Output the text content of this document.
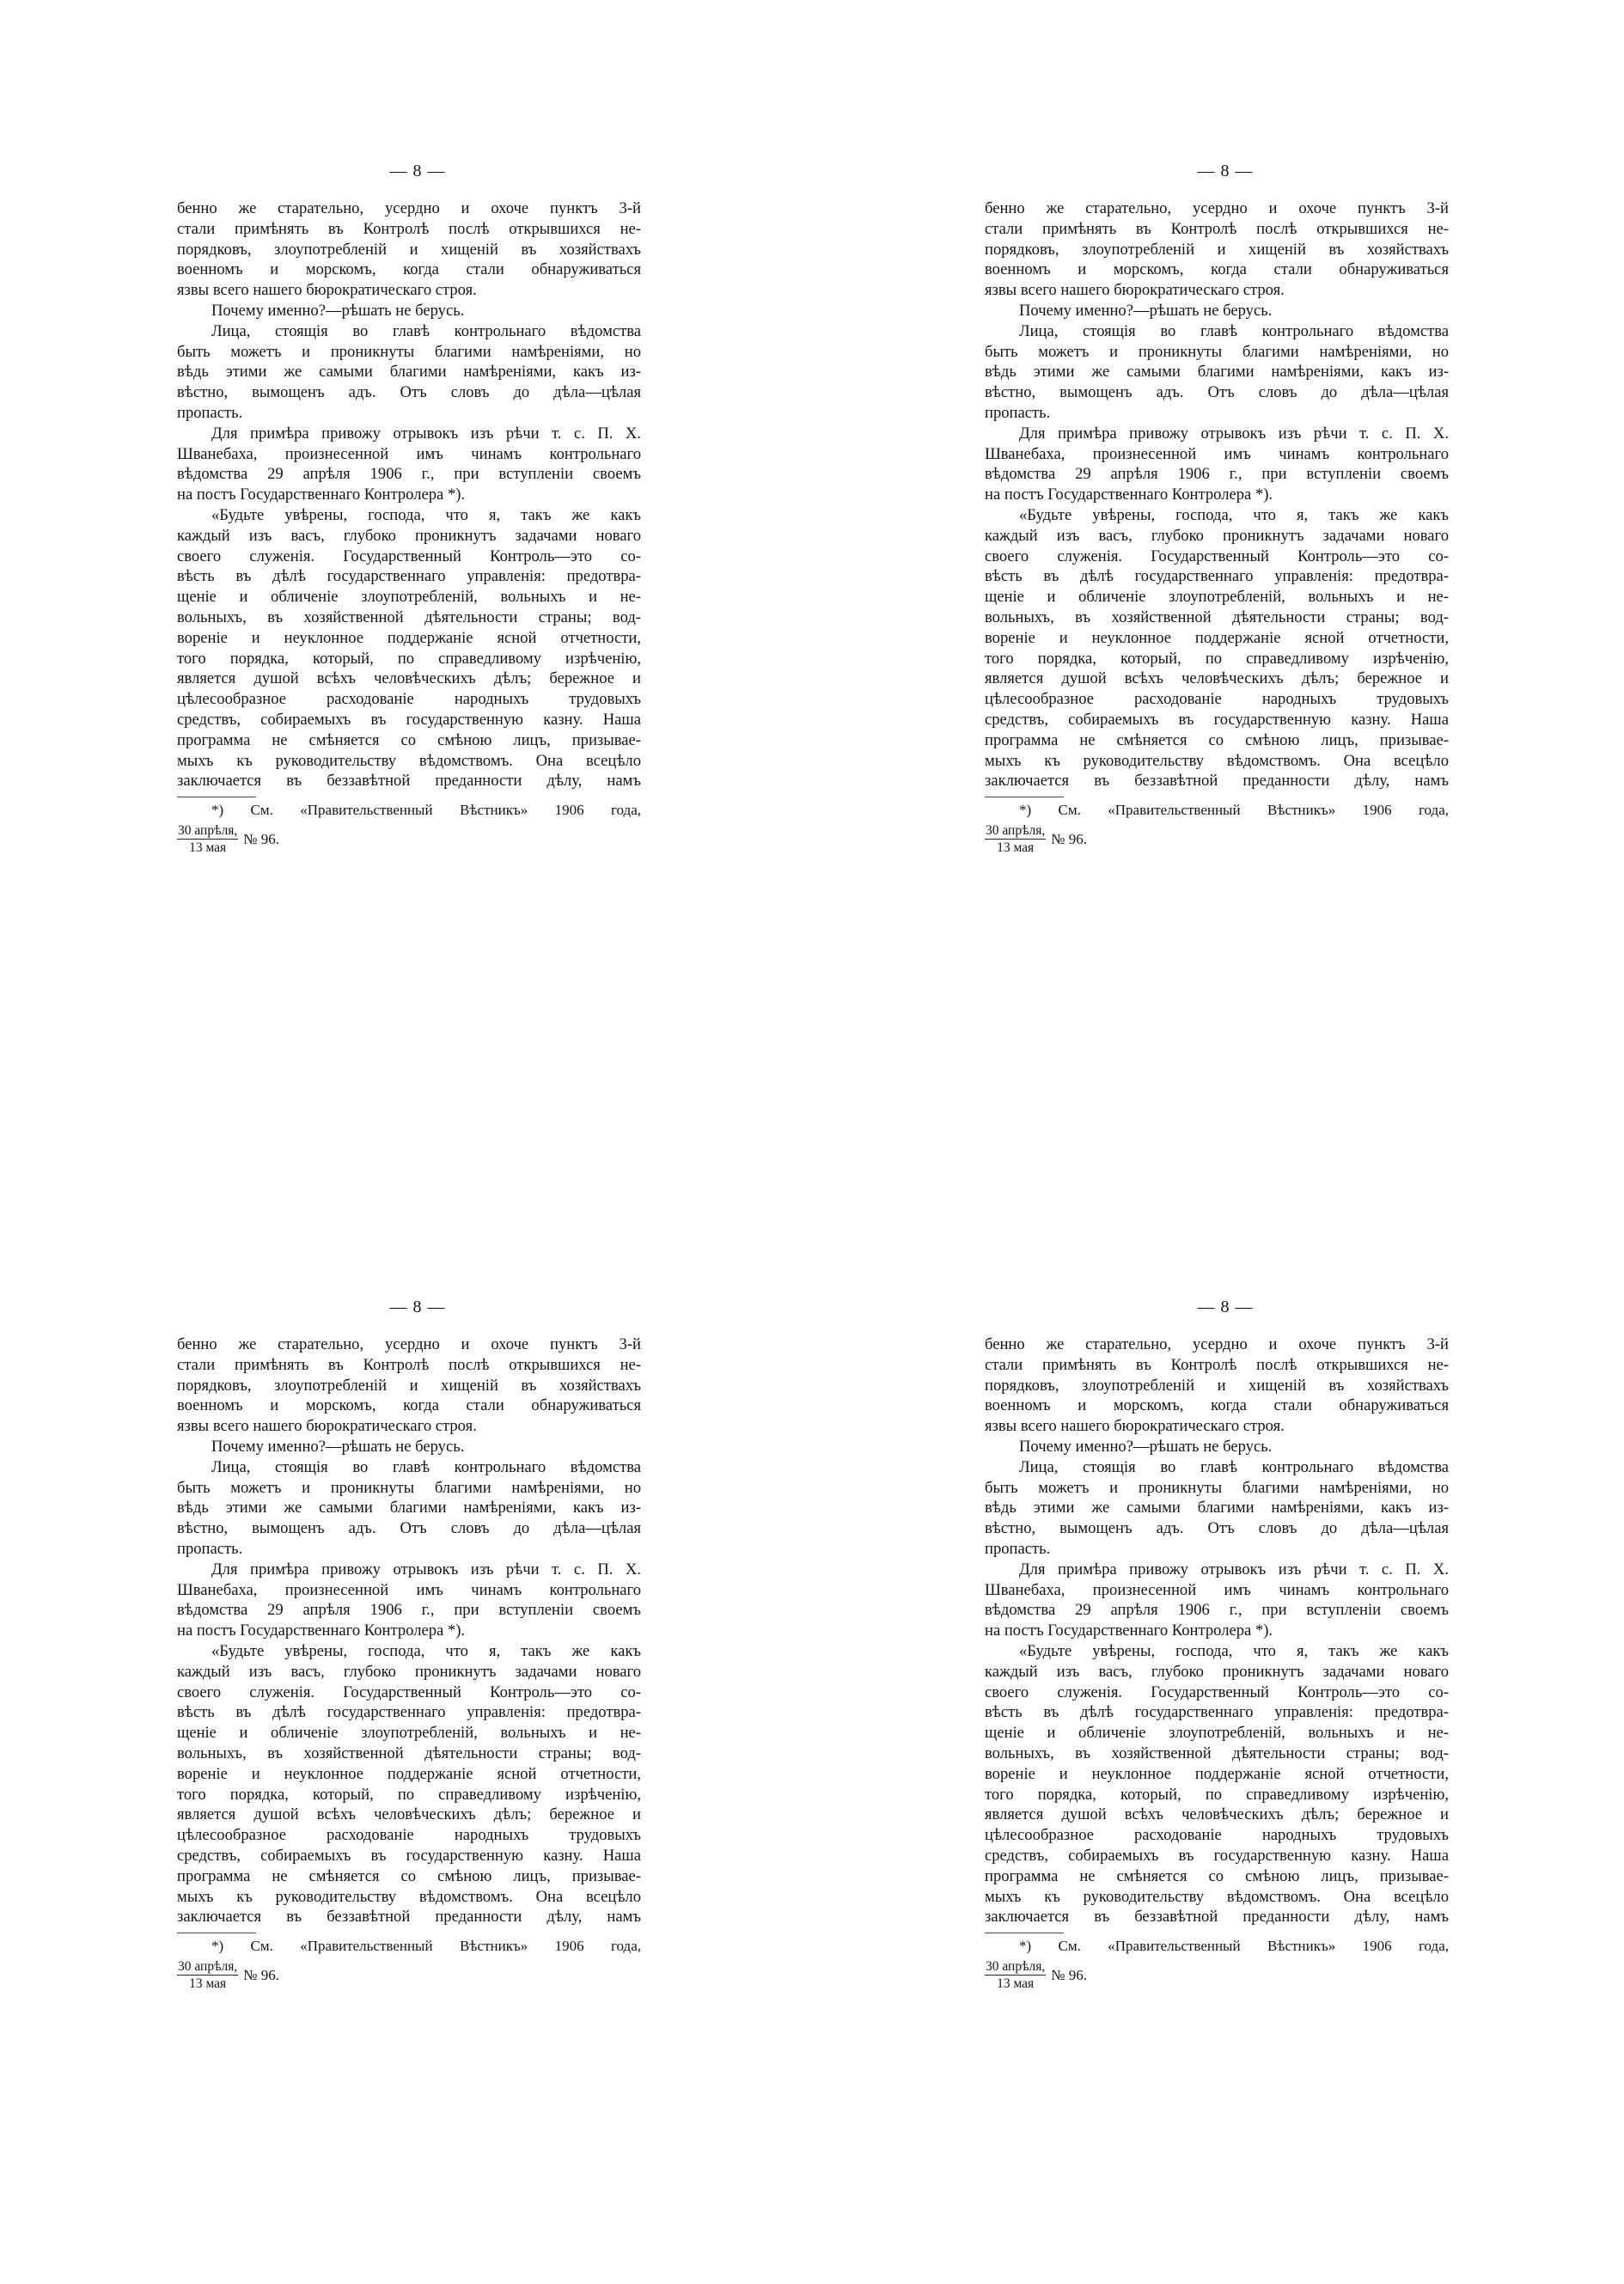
— 8 —
бенно же старательно, усердно и охоче пунктъ 3-й
стали примѣнять въ Контролѣ послѣ открывшихся не-
порядковъ, злоупотребленій и хищеній въ хозяйствахъ
военномъ и морскомъ, когда стали обнаруживаться
язвы всего нашего бюрократическаго строя.
Почему именно?—рѣшать не берусь.
Лица, стоящія во главѣ контрольнаго вѣдомства
быть можетъ и проникнуты благими намѣреніями, но
вѣдь этими же самыми благими намѣреніями, какъ из-
вѣстно, вымощенъ адъ. Отъ словъ до дѣла—цѣлая
пропасть.
Для примѣра привожу отрывокъ изъ рѣчи т. с. П. Х.
Шванебаха, произнесенной имъ чинамъ контрольнаго
вѣдомства 29 апрѣля 1906 г., при вступленіи своемъ
на постъ Государственнаго Контролера *).
«Будьте увѣрены, господа, что я, такъ же какъ
каждый изъ васъ, глубоко проникнутъ задачами новаго
своего служенія. Государственный Контроль—это со-
вѣсть въ дѣлѣ государственнаго управленія: предотвра-
щеніе и обличеніе злоупотребленій, вольныхъ и не-
вольныхъ, въ хозяйственной дѣятельности страны; вод-
вореніе и неуклонное поддержаніе ясной отчетности,
того порядка, который, по справедливому изрѣченію,
является душой всѣхъ человѣческихъ дѣлъ; бережное и
цѣлесообразное расходованіе народныхъ трудовыхъ
средствъ, собираемыхъ въ государственную казну. Наша
программа не смѣняется со смѣною лицъ, призывае-
мыхъ къ руководительству вѣдомствомъ. Она всецѣло
заключается въ беззавѣтной преданности дѣлу, намъ
*) См. «Правительственный Вѣстникъ» 1906 года,
$\frac{\text{30 апрѣля,}}{\text{13 мая}}$ № 96.
— 8 —
бенно же старательно, усердно и охоче пунктъ 3-й
стали примѣнять въ Контролѣ послѣ открывшихся не-
порядковъ, злоупотребленій и хищеній въ хозяйствахъ
военномъ и морскомъ, когда стали обнаруживаться
язвы всего нашего бюрократическаго строя.
Почему именно?—рѣшать не берусь.
Лица, стоящія во главѣ контрольнаго вѣдомства
быть можетъ и проникнуты благими намѣреніями, но
вѣдь этими же самыми благими намѣреніями, какъ из-
вѣстно, вымощенъ адъ. Отъ словъ до дѣла—цѣлая
пропасть.
Для примѣра привожу отрывокъ изъ рѣчи т. с. П. Х.
Шванебаха, произнесенной имъ чинамъ контрольнаго
вѣдомства 29 апрѣля 1906 г., при вступленіи своемъ
на постъ Государственнаго Контролера *).
«Будьте увѣрены, господа, что я, такъ же какъ
каждый изъ васъ, глубоко проникнутъ задачами новаго
своего служенія. Государственный Контроль—это со-
вѣсть въ дѣлѣ государственнаго управленія: предотвра-
щеніе и обличеніе злоупотребленій, вольныхъ и не-
вольныхъ, въ хозяйственной дѣятельности страны; вод-
вореніе и неуклонное поддержаніе ясной отчетности,
того порядка, который, по справедливому изрѣченію,
является душой всѣхъ человѣческихъ дѣлъ; бережное и
цѣлесообразное расходованіе народныхъ трудовыхъ
средствъ, собираемыхъ въ государственную казну. Наша
программа не смѣняется со смѣною лицъ, призывае-
мыхъ къ руководительству вѣдомствомъ. Она всецѣло
заключается въ беззавѣтной преданности дѣлу, намъ
*) См. «Правительственный Вѣстникъ» 1906 года,
$\frac{\text{30 апрѣля,}}{\text{13 мая}}$ № 96.
— 8 —
бенно же старательно, усердно и охоче пунктъ 3-й
стали примѣнять въ Контролѣ послѣ открывшихся не-
порядковъ, злоупотребленій и хищеній въ хозяйствахъ
военномъ и морскомъ, когда стали обнаруживаться
язвы всего нашего бюрократическаго строя.
Почему именно?—рѣшать не берусь.
Лица, стоящія во главѣ контрольнаго вѣдомства
быть можетъ и проникнуты благими намѣреніями, но
вѣдь этими же самыми благими намѣреніями, какъ из-
вѣстно, вымощенъ адъ. Отъ словъ до дѣла—цѣлая
пропасть.
Для примѣра привожу отрывокъ изъ рѣчи т. с. П. Х.
Шванебаха, произнесенной имъ чинамъ контрольнаго
вѣдомства 29 апрѣля 1906 г., при вступленіи своемъ
на постъ Государственнаго Контролера *).
«Будьте увѣрены, господа, что я, такъ же какъ
каждый изъ васъ, глубоко проникнутъ задачами новаго
своего служенія. Государственный Контроль—это со-
вѣсть въ дѣлѣ государственнаго управленія: предотвра-
щеніе и обличеніе злоупотребленій, вольныхъ и не-
вольныхъ, въ хозяйственной дѣятельности страны; вод-
вореніе и неуклонное поддержаніе ясной отчетности,
того порядка, который, по справедливому изрѣченію,
является душой всѣхъ человѣческихъ дѣлъ; бережное и
цѣлесообразное расходованіе народныхъ трудовыхъ
средствъ, собираемыхъ въ государственную казну. Наша
программа не смѣняется со смѣною лицъ, призывае-
мыхъ къ руководительству вѣдомствомъ. Она всецѣло
заключается въ беззавѣтной преданности дѣлу, намъ
*) См. «Правительственный Вѣстникъ» 1906 года,
$\frac{\text{30 апрѣля,}}{\text{13 мая}}$ № 96.
— 8 —
бенно же старательно, усердно и охоче пунктъ 3-й
стали примѣнять въ Контролѣ послѣ открывшихся не-
порядковъ, злоупотребленій и хищеній въ хозяйствахъ
военномъ и морскомъ, когда стали обнаруживаться
язвы всего нашего бюрократическаго строя.
Почему именно?—рѣшать не берусь.
Лица, стоящія во главѣ контрольнаго вѣдомства
быть можетъ и проникнуты благими намѣреніями, но
вѣдь этими же самыми благими намѣреніями, какъ из-
вѣстно, вымощенъ адъ. Отъ словъ до дѣла—цѣлая
пропасть.
Для примѣра привожу отрывокъ изъ рѣчи т. с. П. Х.
Шванебаха, произнесенной имъ чинамъ контрольнаго
вѣдомства 29 апрѣля 1906 г., при вступленіи своемъ
на постъ Государственнаго Контролера *).
«Будьте увѣрены, господа, что я, такъ же какъ
каждый изъ васъ, глубоко проникнутъ задачами новаго
своего служенія. Государственный Контроль—это со-
вѣсть въ дѣлѣ государственнаго управленія: предотвра-
щеніе и обличеніе злоупотребленій, вольныхъ и не-
вольныхъ, въ хозяйственной дѣятельности страны; вод-
вореніе и неуклонное поддержаніе ясной отчетности,
того порядка, который, по справедливому изрѣченію,
является душой всѣхъ человѣческихъ дѣлъ; бережное и
цѣлесообразное расходованіе народныхъ трудовыхъ
средствъ, собираемыхъ въ государственную казну. Наша
программа не смѣняется со смѣною лицъ, призывае-
мыхъ къ руководительству вѣдомствомъ. Она всецѣло
заключается въ беззавѣтной преданности дѣлу, намъ
*) См. «Правительственный Вѣстникъ» 1906 года,
$\frac{\text{30 апрѣля,}}{\text{13 мая}}$ № 96.
